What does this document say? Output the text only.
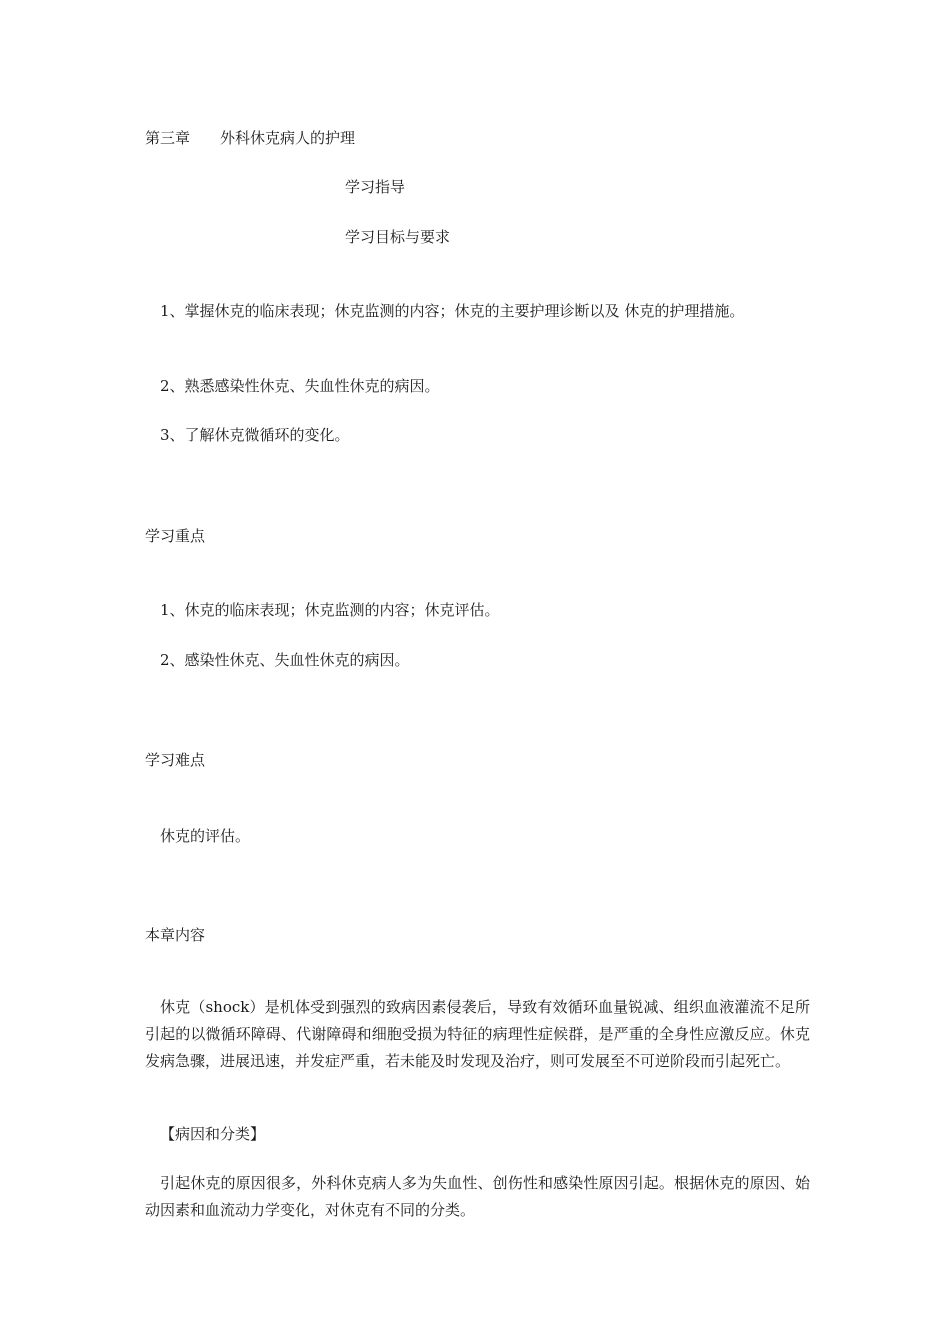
第三章 外科休克病人的护理
学习指导
学习目标与要求
1、掌握休克的临床表现；休克监测的内容；休克的主要护理诊断以及 休克的护理措施。
2、熟悉感染性休克、失血性休克的病因。
3、了解休克微循环的变化。
学习重点
1、休克的临床表现；休克监测的内容；休克评估。
2、感染性休克、失血性休克的病因。
学习难点
休克的评估。
本章内容
休克（shock）是机体受到强烈的致病因素侵袭后，导致有效循环血量锐减、组织血液灌流不足所引起的以微循环障碍、代谢障碍和细胞受损为特征的病理性症候群，是严重的全身性应激反应。休克发病急骤，进展迅速，并发症严重，若未能及时发现及治疗，则可发展至不可逆阶段而引起死亡。
【病因和分类】
引起休克的原因很多，外科休克病人多为失血性、创伤性和感染性原因引起。根据休克的原因、始动因素和血流动力学变化，对休克有不同的分类。
